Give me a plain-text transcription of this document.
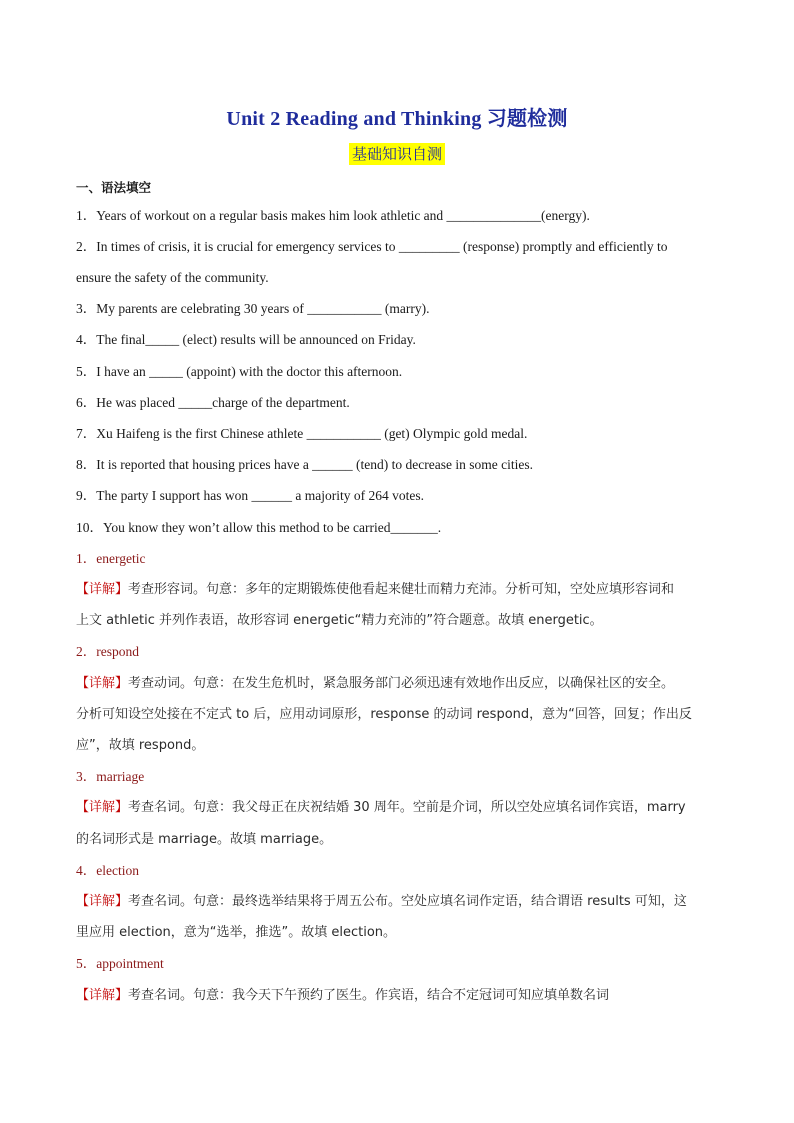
Unit 2 Reading and Thinking 习题检测
基础知识自测
一、语法填空
1．Years of workout on a regular basis makes him look athletic and ______________(energy).
2．In times of crisis, it is crucial for emergency services to _________ (response) promptly and efficiently to
ensure the safety of the community.
3．My parents are celebrating 30 years of ___________ (marry).
4．The final_____ (elect) results will be announced on Friday.
5．I have an _____ (appoint) with the doctor this afternoon.
6．He was placed _____charge of the department.
7．Xu Haifeng is the first Chinese athlete ___________ (get) Olympic gold medal.
8．It is reported that housing prices have a ______ (tend) to decrease in some cities.
9．The party I support has won ______ a majority of 264 votes.
10．You know they won’t allow this method to be carried_______.
1．energetic
【详解】考查形容词。句意：多年的定期锻炼使他看起来健壮而精力充沛。分析可知，空处应填形容词和
上文 athletic 并列作表语，故形容词 energetic“精力充沛的”符合题意。故填 energetic。
2．respond
【详解】考查动词。句意：在发生危机时，紧急服务部门必须迅速有效地作出反应，以确保社区的安全。
分析可知设空处接在不定式 to 后，应用动词原形，response 的动词 respond，意为“回答，回复；作出反
应”，故填 respond。
3．marriage
【详解】考查名词。句意：我父母正在庆祝结婚 30 周年。空前是介词，所以空处应填名词作宾语，marry
的名词形式是 marriage。故填 marriage。
4．election
【详解】考查名词。句意：最终选举结果将于周五公布。空处应填名词作定语，结合谓语 results 可知，这
里应用 election，意为“选举，推选”。故填 election。
5．appointment
【详解】考查名词。句意：我今天下午预约了医生。作宾语，结合不定冠词可知应填单数名词
